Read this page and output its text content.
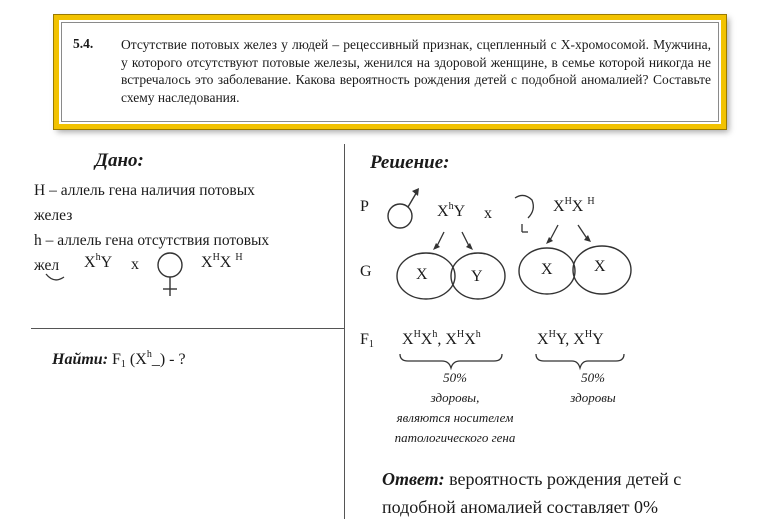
5.4. Отсутствие потовых желез у людей – рецессивный признак, сцепленный с Х-хромосомой. Мужчина, у которого отсутствуют потовые железы, женился на здоровой женщине, в семье которой никогда не встречалось это заболевание. Какова вероятность рождения детей с подобной аномалией? Составьте схему наследования.
Дано:
Н – аллель гена наличия потовых
желез
h – аллель гена отсутствия потовых
жел $X^hY$ х	$X^HX$ $^H$
Найти: $F_1$ $(X^h\_)$ - ?
Решение:
P	$X^hY$ х	$X^HX$ $^H$
G	X	Y	X	X
$F_1$ $X^HX^h$, $X^HX^h$	$X^HY$, $X^HY$
50%
здоровы,
являются носителем
патологического гена
50%
здоровы
Ответ: вероятность рождения детей с
подобной аномалией составляет 0%
